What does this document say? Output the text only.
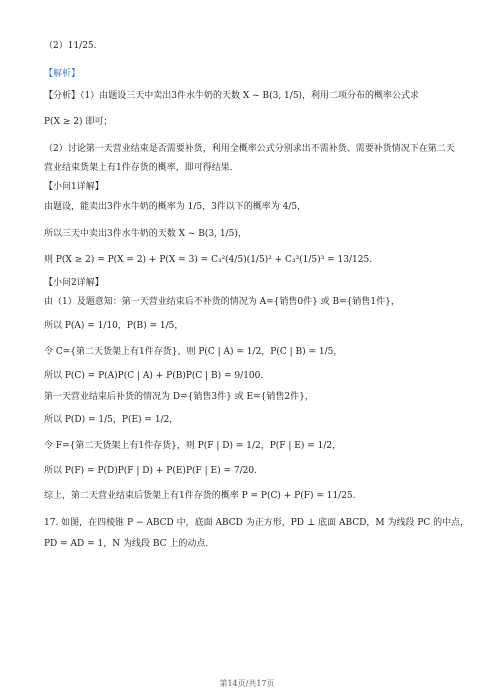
（2）11/25.
【解析】
【分析】（1）由题设三天中卖出3件水牛奶的天数 X ~ B(3, 1/5)，利用二项分布的概率公式求
P(X ≥ 2) 即可；
（2）讨论第一天营业结束是否需要补货，利用全概率公式分别求出不需补货、需要补货情况下在第二天
营业结束货架上有1件存货的概率，即可得结果.
【小问1详解】
由题设，能卖出3件水牛奶的概率为 1/5，3件以下的概率为 4/5，
所以三天中卖出3件水牛奶的天数 X ~ B(3, 1/5)，
则 P(X ≥ 2) = P(X = 2) + P(X = 3) = C₃²(4/5)(1/5)² + C₃³(1/5)³ = 13/125.
【小问2详解】
由（1）及题意知：第一天营业结束后不补货的情况为 A={销售0件} 或 B={销售1件}，
所以 P(A) = 1/10，P(B) = 1/5，
令 C={第二天货架上有1件存货}，则 P(C | A) = 1/2，P(C | B) = 1/5，
所以 P(C) = P(A)P(C | A) + P(B)P(C | B) = 9/100.
第一天营业结束后补货的情况为 D={销售3件} 或 E={销售2件}，
所以 P(D) = 1/5，P(E) = 1/2，
令 F={第二天货架上有1件存货}，则 P(F | D) = 1/2，P(F | E) = 1/2，
所以 P(F) = P(D)P(F | D) + P(E)P(F | E) = 7/20.
综上，第二天营业结束后货架上有1件存货的概率 P = P(C) + P(F) = 11/25.
17. 如图，在四棱锥 P − ABCD 中，底面 ABCD 为正方形，PD ⊥ 底面 ABCD，M 为线段 PC 的中点，
PD = AD = 1，N 为线段 BC 上的动点.
第14页/共17页
